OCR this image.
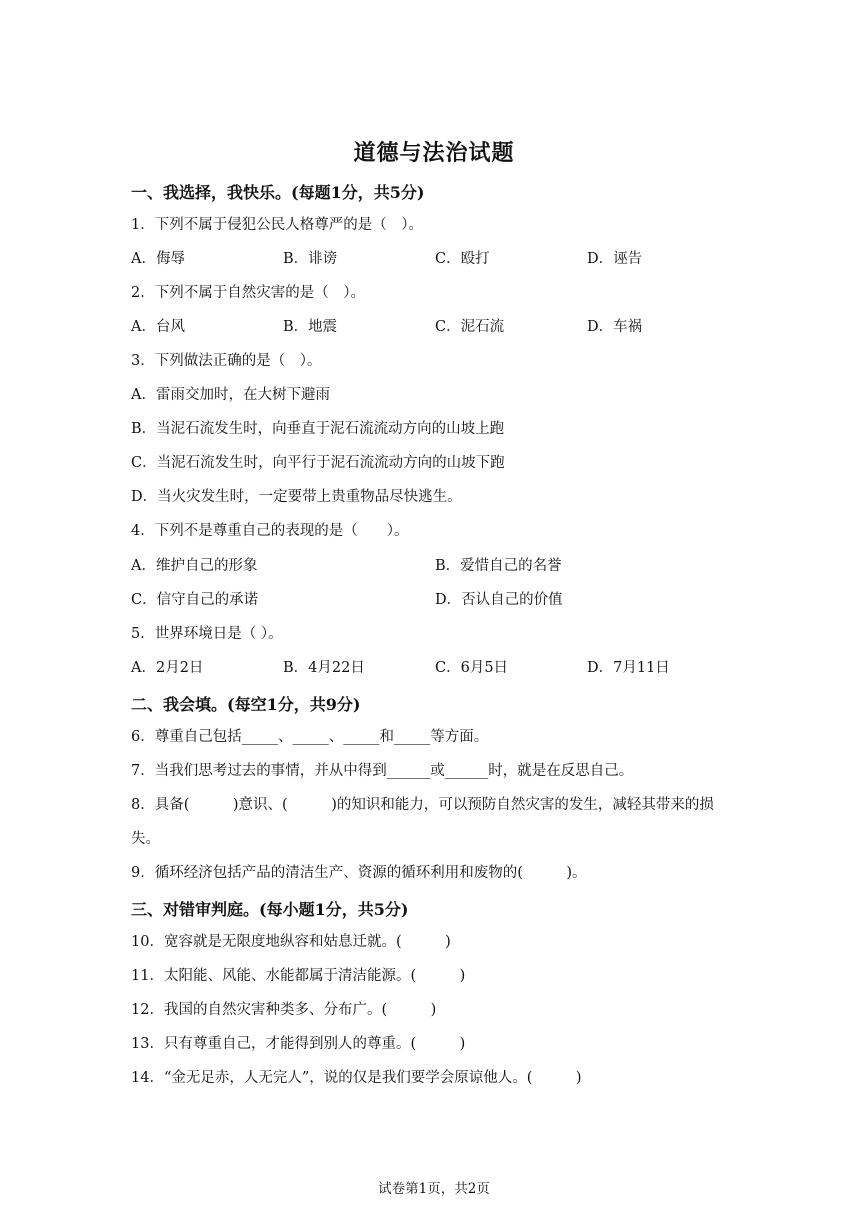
道德与法治试题
一、我选择，我快乐。(每题1分，共5分)
1．下列不属于侵犯公民人格尊严的是（　）。
A．侮辱	B．诽谤	C．殴打	D．诬告
2．下列不属于自然灾害的是（　）。
A．台风	B．地震	C．泥石流	D．车祸
3．下列做法正确的是（　）。
A．雷雨交加时，在大树下避雨
B．当泥石流发生时，向垂直于泥石流流动方向的山坡上跑
C．当泥石流发生时，向平行于泥石流流动方向的山坡下跑
D．当火灾发生时，一定要带上贵重物品尽快逃生。
4．下列不是尊重自己的表现的是（　　）。
A．维护自己的形象	B．爱惜自己的名誉
C．信守自己的承诺	D．否认自己的价值
5．世界环境日是（ ）。
A．2月2日	B．4月22日	C．6月5日	D．7月11日
二、我会填。(每空1分，共9分)
6．尊重自己包括_____、_____、_____和_____等方面。
7．当我们思考过去的事情，并从中得到______或______时，就是在反思自己。
8．具备(　　　)意识、(　　　)的知识和能力，可以预防自然灾害的发生，减轻其带来的损
失。
9．循环经济包括产品的清洁生产、资源的循环利用和废物的(　　　)。
三、对错审判庭。(每小题1分，共5分)
10．宽容就是无限度地纵容和姑息迁就。(　　　)
11．太阳能、风能、水能都属于清洁能源。(　　　)
12．我国的自然灾害种类多、分布广。(　　　)
13．只有尊重自己，才能得到别人的尊重。(　　　)
14．“金无足赤，人无完人”，说的仅是我们要学会原谅他人。(　　　)
试卷第1页，共2页
